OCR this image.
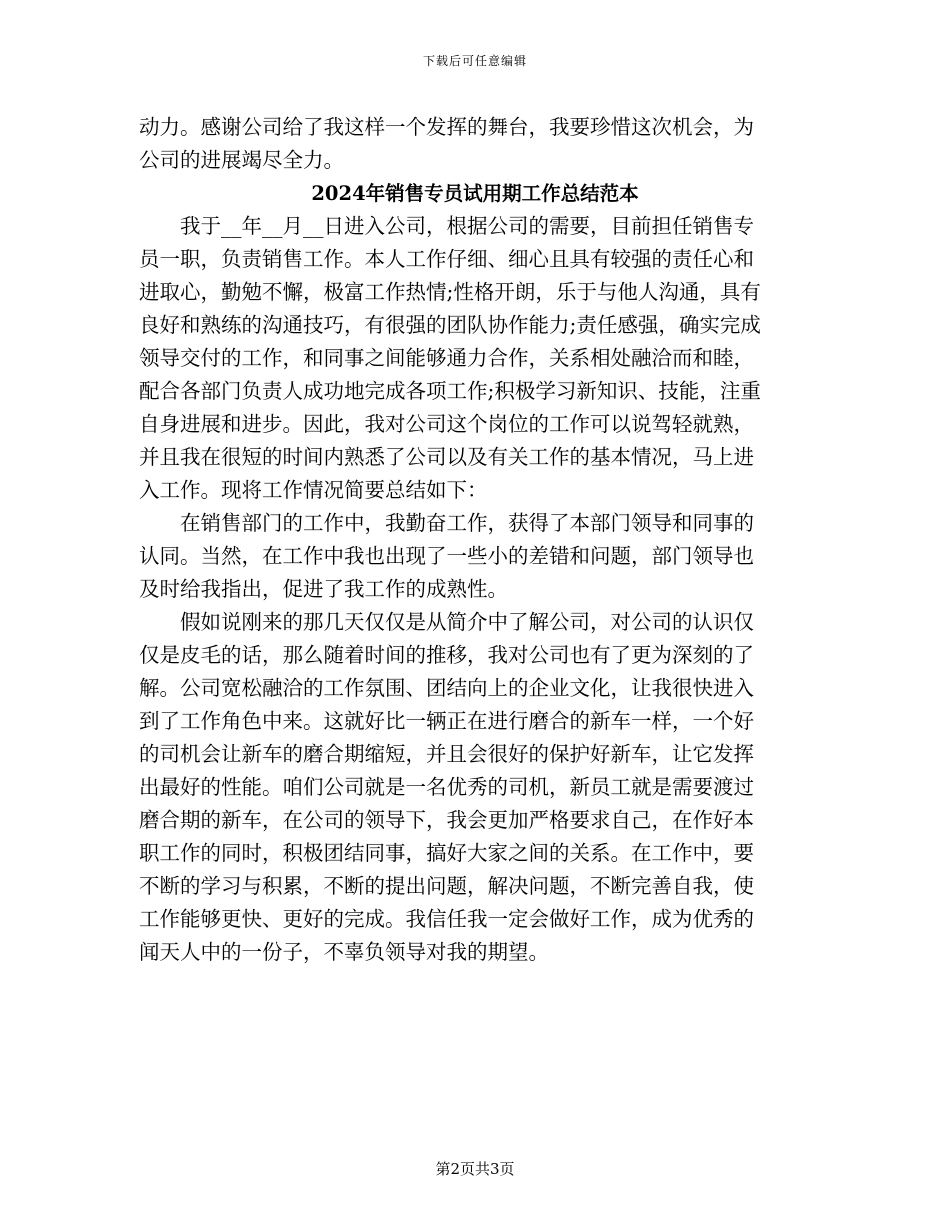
下载后可任意编辑
动力。感谢公司给了我这样一个发挥的舞台，我要珍惜这次机会，为
公司的进展竭尽全力。
2024年销售专员试用期工作总结范本
　　我于__年__月__日进入公司，根据公司的需要，目前担任销售专
员一职，负责销售工作。本人工作仔细、细心且具有较强的责任心和
进取心，勤勉不懈，极富工作热情;性格开朗，乐于与他人沟通，具有
良好和熟练的沟通技巧，有很强的团队协作能力;责任感强，确实完成
领导交付的工作，和同事之间能够通力合作，关系相处融洽而和睦，
配合各部门负责人成功地完成各项工作;积极学习新知识、技能，注重
自身进展和进步。因此，我对公司这个岗位的工作可以说驾轻就熟，
并且我在很短的时间内熟悉了公司以及有关工作的基本情况，马上进
入工作。现将工作情况简要总结如下：
　　在销售部门的工作中，我勤奋工作，获得了本部门领导和同事的
认同。当然，在工作中我也出现了一些小的差错和问题，部门领导也
及时给我指出，促进了我工作的成熟性。
　　假如说刚来的那几天仅仅是从简介中了解公司，对公司的认识仅
仅是皮毛的话，那么随着时间的推移，我对公司也有了更为深刻的了
解。公司宽松融洽的工作氛围、团结向上的企业文化，让我很快进入
到了工作角色中来。这就好比一辆正在进行磨合的新车一样，一个好
的司机会让新车的磨合期缩短，并且会很好的保护好新车，让它发挥
出最好的性能。咱们公司就是一名优秀的司机，新员工就是需要渡过
磨合期的新车，在公司的领导下，我会更加严格要求自己，在作好本
职工作的同时，积极团结同事，搞好大家之间的关系。在工作中，要
不断的学习与积累，不断的提出问题，解决问题，不断完善自我，使
工作能够更快、更好的完成。我信任我一定会做好工作，成为优秀的
闻天人中的一份子，不辜负领导对我的期望。
第2页共3页
